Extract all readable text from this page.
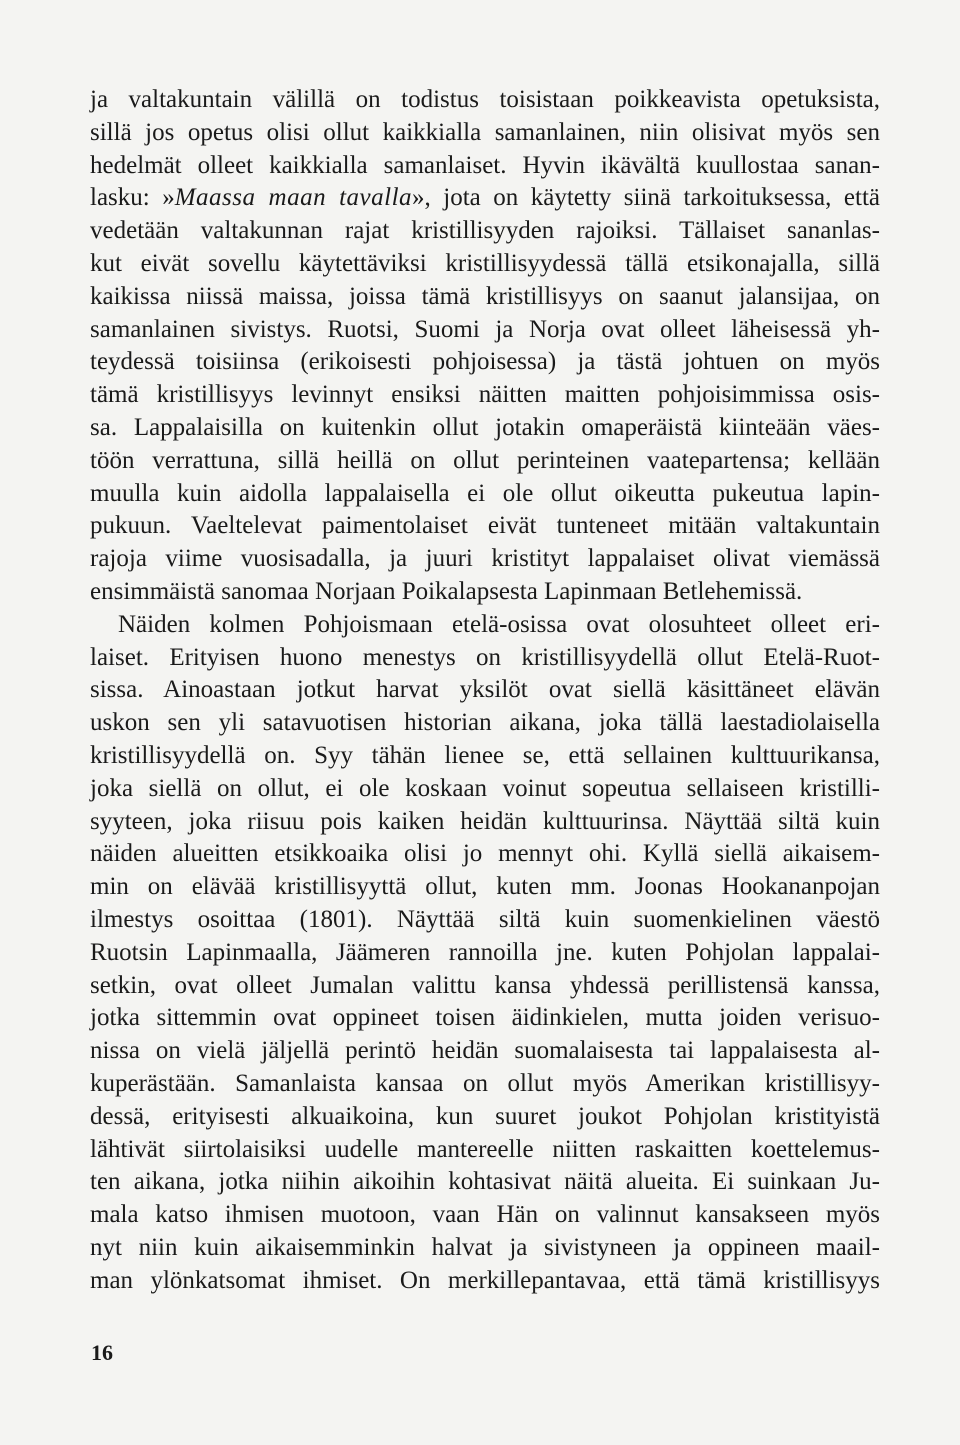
ja valtakuntain välillä on todistus toisistaan poikkeavista opetuksista,
sillä jos opetus olisi ollut kaikkialla samanlainen, niin olisivat myös sen
hedelmät olleet kaikkialla samanlaiset. Hyvin ikävältä kuullostaa sanan-
lasku: »Maassa maan tavalla», jota on käytetty siinä tarkoituksessa, että
vedetään valtakunnan rajat kristillisyyden rajoiksi. Tällaiset sananlas-
kut eivät sovellu käytettäviksi kristillisyydessä tällä etsikonajalla, sillä
kaikissa niissä maissa, joissa tämä kristillisyys on saanut jalansijaa, on
samanlainen sivistys. Ruotsi, Suomi ja Norja ovat olleet läheisessä yh-
teydessä toisiinsa (erikoisesti pohjoisessa) ja tästä johtuen on myös
tämä kristillisyys levinnyt ensiksi näitten maitten pohjoisimmissa osis-
sa. Lappalaisilla on kuitenkin ollut jotakin omaperäistä kiinteään väes-
töön verrattuna, sillä heillä on ollut perinteinen vaatepartensa; kellään
muulla kuin aidolla lappalaisella ei ole ollut oikeutta pukeutua lapin-
pukuun. Vaeltelevat paimentolaiset eivät tunteneet mitään valtakuntain
rajoja viime vuosisadalla, ja juuri kristityt lappalaiset olivat viemässä
ensimmäistä sanomaa Norjaan Poikalapsesta Lapinmaan Betlehemissä.
Näiden kolmen Pohjoismaan etelä-osissa ovat olosuhteet olleet eri-
laiset. Erityisen huono menestys on kristillisyydellä ollut Etelä-Ruot-
sissa. Ainoastaan jotkut harvat yksilöt ovat siellä käsittäneet elävän
uskon sen yli satavuotisen historian aikana, joka tällä laestadiolaisella
kristillisyydellä on. Syy tähän lienee se, että sellainen kulttuurikansa,
joka siellä on ollut, ei ole koskaan voinut sopeutua sellaiseen kristilli-
syyteen, joka riisuu pois kaiken heidän kulttuurinsa. Näyttää siltä kuin
näiden alueitten etsikkoaika olisi jo mennyt ohi. Kyllä siellä aikaisem-
min on elävää kristillisyyttä ollut, kuten mm. Joonas Hookananpojan
ilmestys osoittaa (1801). Näyttää siltä kuin suomenkielinen väestö
Ruotsin Lapinmaalla, Jäämeren rannoilla jne. kuten Pohjolan lappalai-
setkin, ovat olleet Jumalan valittu kansa yhdessä perillistensä kanssa,
jotka sittemmin ovat oppineet toisen äidinkielen, mutta joiden verisuo-
nissa on vielä jäljellä perintö heidän suomalaisesta tai lappalaisesta al-
kuperästään. Samanlaista kansaa on ollut myös Amerikan kristillisyy-
dessä, erityisesti alkuaikoina, kun suuret joukot Pohjolan kristityistä
lähtivät siirtolaisiksi uudelle mantereelle niitten raskaitten koettelemus-
ten aikana, jotka niihin aikoihin kohtasivat näitä alueita. Ei suinkaan Ju-
mala katso ihmisen muotoon, vaan Hän on valinnut kansakseen myös
nyt niin kuin aikaisemminkin halvat ja sivistyneen ja oppineen maail-
man ylönkatsomat ihmiset. On merkillepantavaa, että tämä kristillisyys
16
